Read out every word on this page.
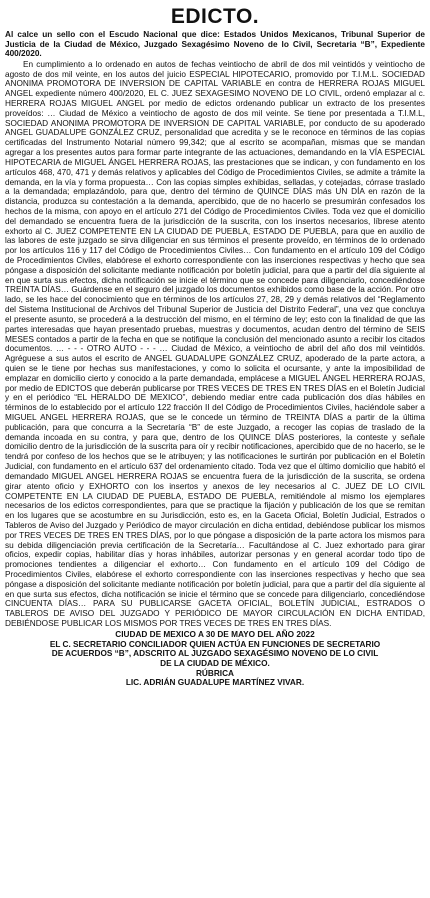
EDICTO.

Al calce un sello con el Escudo Nacional que dice: Estados Unidos Mexicanos, Tribunal Superior de Justicia de la Ciudad de México, Juzgado Sexagésimo Noveno de lo Civil, Secretaria “B”, Expediente 400/2020.

En cumplimiento a lo ordenado en autos de fechas veintiocho de abril de dos mil veintidós y veintiocho de agosto de dos mil veinte, en los autos del juicio ESPECIAL HIPOTECARIO, promovido por T.I.M.L. SOCIEDAD ANONIMA PROMOTORA DE INVERSION DE CAPITAL VARIABLE en contra de HERRERA ROJAS MIGUEL ANGEL expediente número 400/2020, EL C. JUEZ SEXAGESIMO NOVENO DE LO CIVIL, ordenó emplazar al c. HERRERA ROJAS MIGUEL ANGEL por medio de edictos ordenando publicar un extracto de los presentes proveídos: … Ciudad de México a veintiocho de agosto de dos mil veinte. Se tiene por presentada a T.I.M.L, SOCIEDAD ANONIMA PROMOTORA DE INVERSION DE CAPITAL VARIABLE, por conducto de su apoderado ANGEL GUADALUPE GONZÁLEZ CRUZ, personalidad que acredita y se le reconoce en términos de las copias certificadas del Instrumento Notarial número 99,342; que al escrito se acompañan, mismas que se mandan agregar a los presentes autos para formar parte integrante de las actuaciones, demandando en la VÍA ESPECIAL HIPOTECARIA de MIGUEL ÁNGEL HERRERA ROJAS, las prestaciones que se indican, y con fundamento en los artículos 468, 470, 471 y demás relativos y aplicables del Código de Procedimientos Civiles, se admite a trámite la demanda, en la vía y forma propuesta… Con las copias simples exhibidas, selladas, y cotejadas, córrase traslado a la demandada; emplazándolo, para que, dentro del término de QUINCE DÍAS más UN DÍA en razón de la distancia, produzca su contestación a la demanda, apercibido, que de no hacerlo se presumirán confesados los hechos de la misma, con apoyo en el artículo 271 del Código de Procedimientos Civiles. Toda vez que el domicilio del demandado se encuentra fuera de la jurisdicción de la suscrita, con los insertos necesarios, líbrese atento exhorto al C. JUEZ COMPETENTE EN LA CIUDAD DE PUEBLA, ESTADO DE PUEBLA, para que en auxilio de las labores de este juzgado se sirva diligenciar en sus términos el presente proveído, en términos de lo ordenado por los artículos 116 y 117 del Código de Procedimientos Civiles… Con fundamento en el artículo 109 del Código de Procedimientos Civiles, elabórese el exhorto correspondiente con las inserciones respectivas y hecho que sea póngase a disposición del solicitante mediante notificación por boletín judicial, para que a partir del día siguiente al en que surta sus efectos, dicha notificación se inicie el término que se concede para diligenciarlo, concediéndose TREINTA DÍAS… Guárdense en el seguro del juzgado los documentos exhibidos como base de la acción. Por otro lado, se les hace del conocimiento que en términos de los artículos 27, 28, 29 y demás relativos del “Reglamento del Sistema Institucional de Archivos del Tribunal Superior de Justicia del Distrito Federal”, una vez que concluya el presente asunto, se procederá a la destrucción del mismo, en el término de ley; esto con la finalidad de que las partes interesadas que hayan presentado pruebas, muestras y documentos, acudan dentro del término de SEIS MESES contados a partir de la fecha en que se notifique la conclusión del mencionado asunto a recibir los citados documentos. … - - - OTRO AUTO - - - … Ciudad de México, a veintiocho de abril del año dos mil veintidós. Agréguese a sus autos el escrito de ANGEL GUADALUPE GONZÁLEZ CRUZ, apoderado de la parte actora, a quien se le tiene por hechas sus manifestaciones, y como lo solicita el ocursante, y ante la imposibilidad de emplazar en domicilio cierto y conocido a la parte demandada, emplácese a MIGUEL ÁNGEL HERRERA ROJAS, por medio de EDICTOS que deberán publicarse por TRES VECES DE TRES EN TRES DÍAS en el Boletín Judicial y en el periódico “EL HERALDO DE MEXICO”, debiendo mediar entre cada publicación dos días hábiles en términos de lo establecido por el artículo 122 fracción II del Código de Procedimientos Civiles, haciéndole saber a MIGUEL ANGEL HERRERA ROJAS, que se le concede un término de TREINTA DÍAS a partir de la última publicación, para que concurra a la Secretaría “B” de este Juzgado, a recoger las copias de traslado de la demanda incoada en su contra, y para que, dentro de los QUINCE DÍAS posteriores, la conteste y señale domicilio dentro de la jurisdicción de la suscrita para oír y recibir notificaciones, apercibido que de no hacerlo, se le tendrá por confeso de los hechos que se le atribuyen; y las notificaciones le surtirán por publicación en el Boletín Judicial, con fundamento en el artículo 637 del ordenamiento citado. Toda vez que el último domicilio que habitó el demandado MIGUEL ANGEL HERRERA ROJAS se encuentra fuera de la jurisdicción de la suscrita, se ordena girar atento oficio y EXHORTO con los insertos y anexos de ley necesarios al C. JUEZ DE LO CIVIL COMPETENTE EN LA CIUDAD DE PUEBLA, ESTADO DE PUEBLA, remitiéndole al mismo los ejemplares necesarios de los edictos correspondientes, para que se practique la fijación y publicación de los que se remitan en los lugares que se acostumbre en su Jurisdicción, esto es, en la Gaceta Oficial, Boletín Judicial, Estrados o Tableros de Aviso del Juzgado y Periódico de mayor circulación en dicha entidad, debiéndose publicar los mismos por TRES VECES DE TRES EN TRES DÍAS, por lo que póngase a disposición de la parte actora los mismos para su debida diligenciación previa certificación de la Secretaría… Facultándose al C. Juez exhortado para girar oficios, expedir copias, habilitar días y horas inhábiles, autorizar personas y en general acordar todo tipo de promociones tendientes a diligenciar el exhorto… Con fundamento en el artículo 109 del Código de Procedimientos Civiles, elabórese el exhorto correspondiente con las inserciones respectivas y hecho que sea póngase a disposición del solicitante mediante notificación por boletín judicial, para que a partir del día siguiente al en que surta sus efectos, dicha notificación se inicie el término que se concede para diligenciarlo, concediéndose CINCUENTA DÍAS… PARA SU PUBLICARSE GACETA OFICIAL, BOLETÍN JUDICIAL, ESTRADOS O TABLEROS DE AVISO DEL JUZGADO Y PERIÓDICO DE MAYOR CIRCULACIÓN EN DICHA ENTIDAD, DEBIÉNDOSE PUBLICAR LOS MISMOS POR TRES VECES DE TRES EN TRES DÍAS.

CIUDAD DE MEXICO A 30 DE MAYO DEL AÑO 2022
EL C. SECRETARIO CONCILIADOR QUIEN ACTÚA EN FUNCIONES DE SECRETARIO
DE ACUERDOS “B”, ADSCRITO AL JUZGADO SEXAGÉSIMO NOVENO DE LO CIVIL
DE LA CIUDAD DE MÉXICO.
RÚBRICA
LIC. ADRIÁN GUADALUPE MARTÍNEZ VIVAR.
